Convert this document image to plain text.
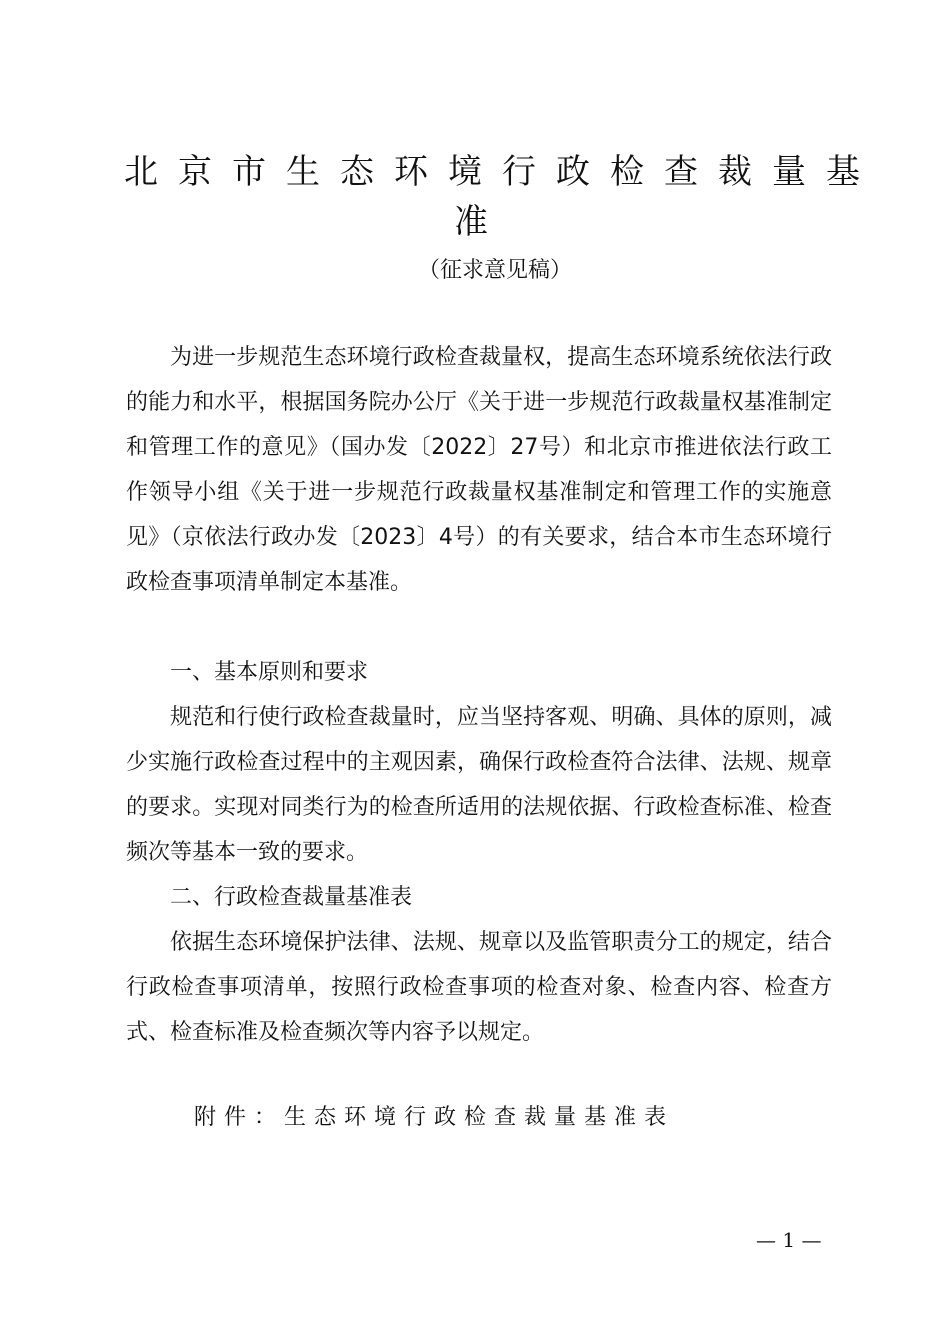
北京市生态环境行政检查裁量基
准
（征求意见稿）

为进一步规范生态环境行政检查裁量权，提高生态环境系统依法行政的能力和水平，根据国务院办公厅《关于进一步规范行政裁量权基准制定和管理工作的意见》（国办发〔2022〕27号）和北京市推进依法行政工作领导小组《关于进一步规范行政裁量权基准制定和管理工作的实施意见》（京依法行政办发〔2023〕4号）的有关要求，结合本市生态环境行政检查事项清单制定本基准。

一、基本原则和要求

规范和行使行政检查裁量时，应当坚持客观、明确、具体的原则，减少实施行政检查过程中的主观因素，确保行政检查符合法律、法规、规章的要求。实现对同类行为的检查所适用的法规依据、行政检查标准、检查频次等基本一致的要求。

二、行政检查裁量基准表

依据生态环境保护法律、法规、规章以及监管职责分工的规定，结合行政检查事项清单，按照行政检查事项的检查对象、检查内容、检查方式、检查标准及检查频次等内容予以规定。

附件：生态环境行政检查裁量基准表
— 1 —
